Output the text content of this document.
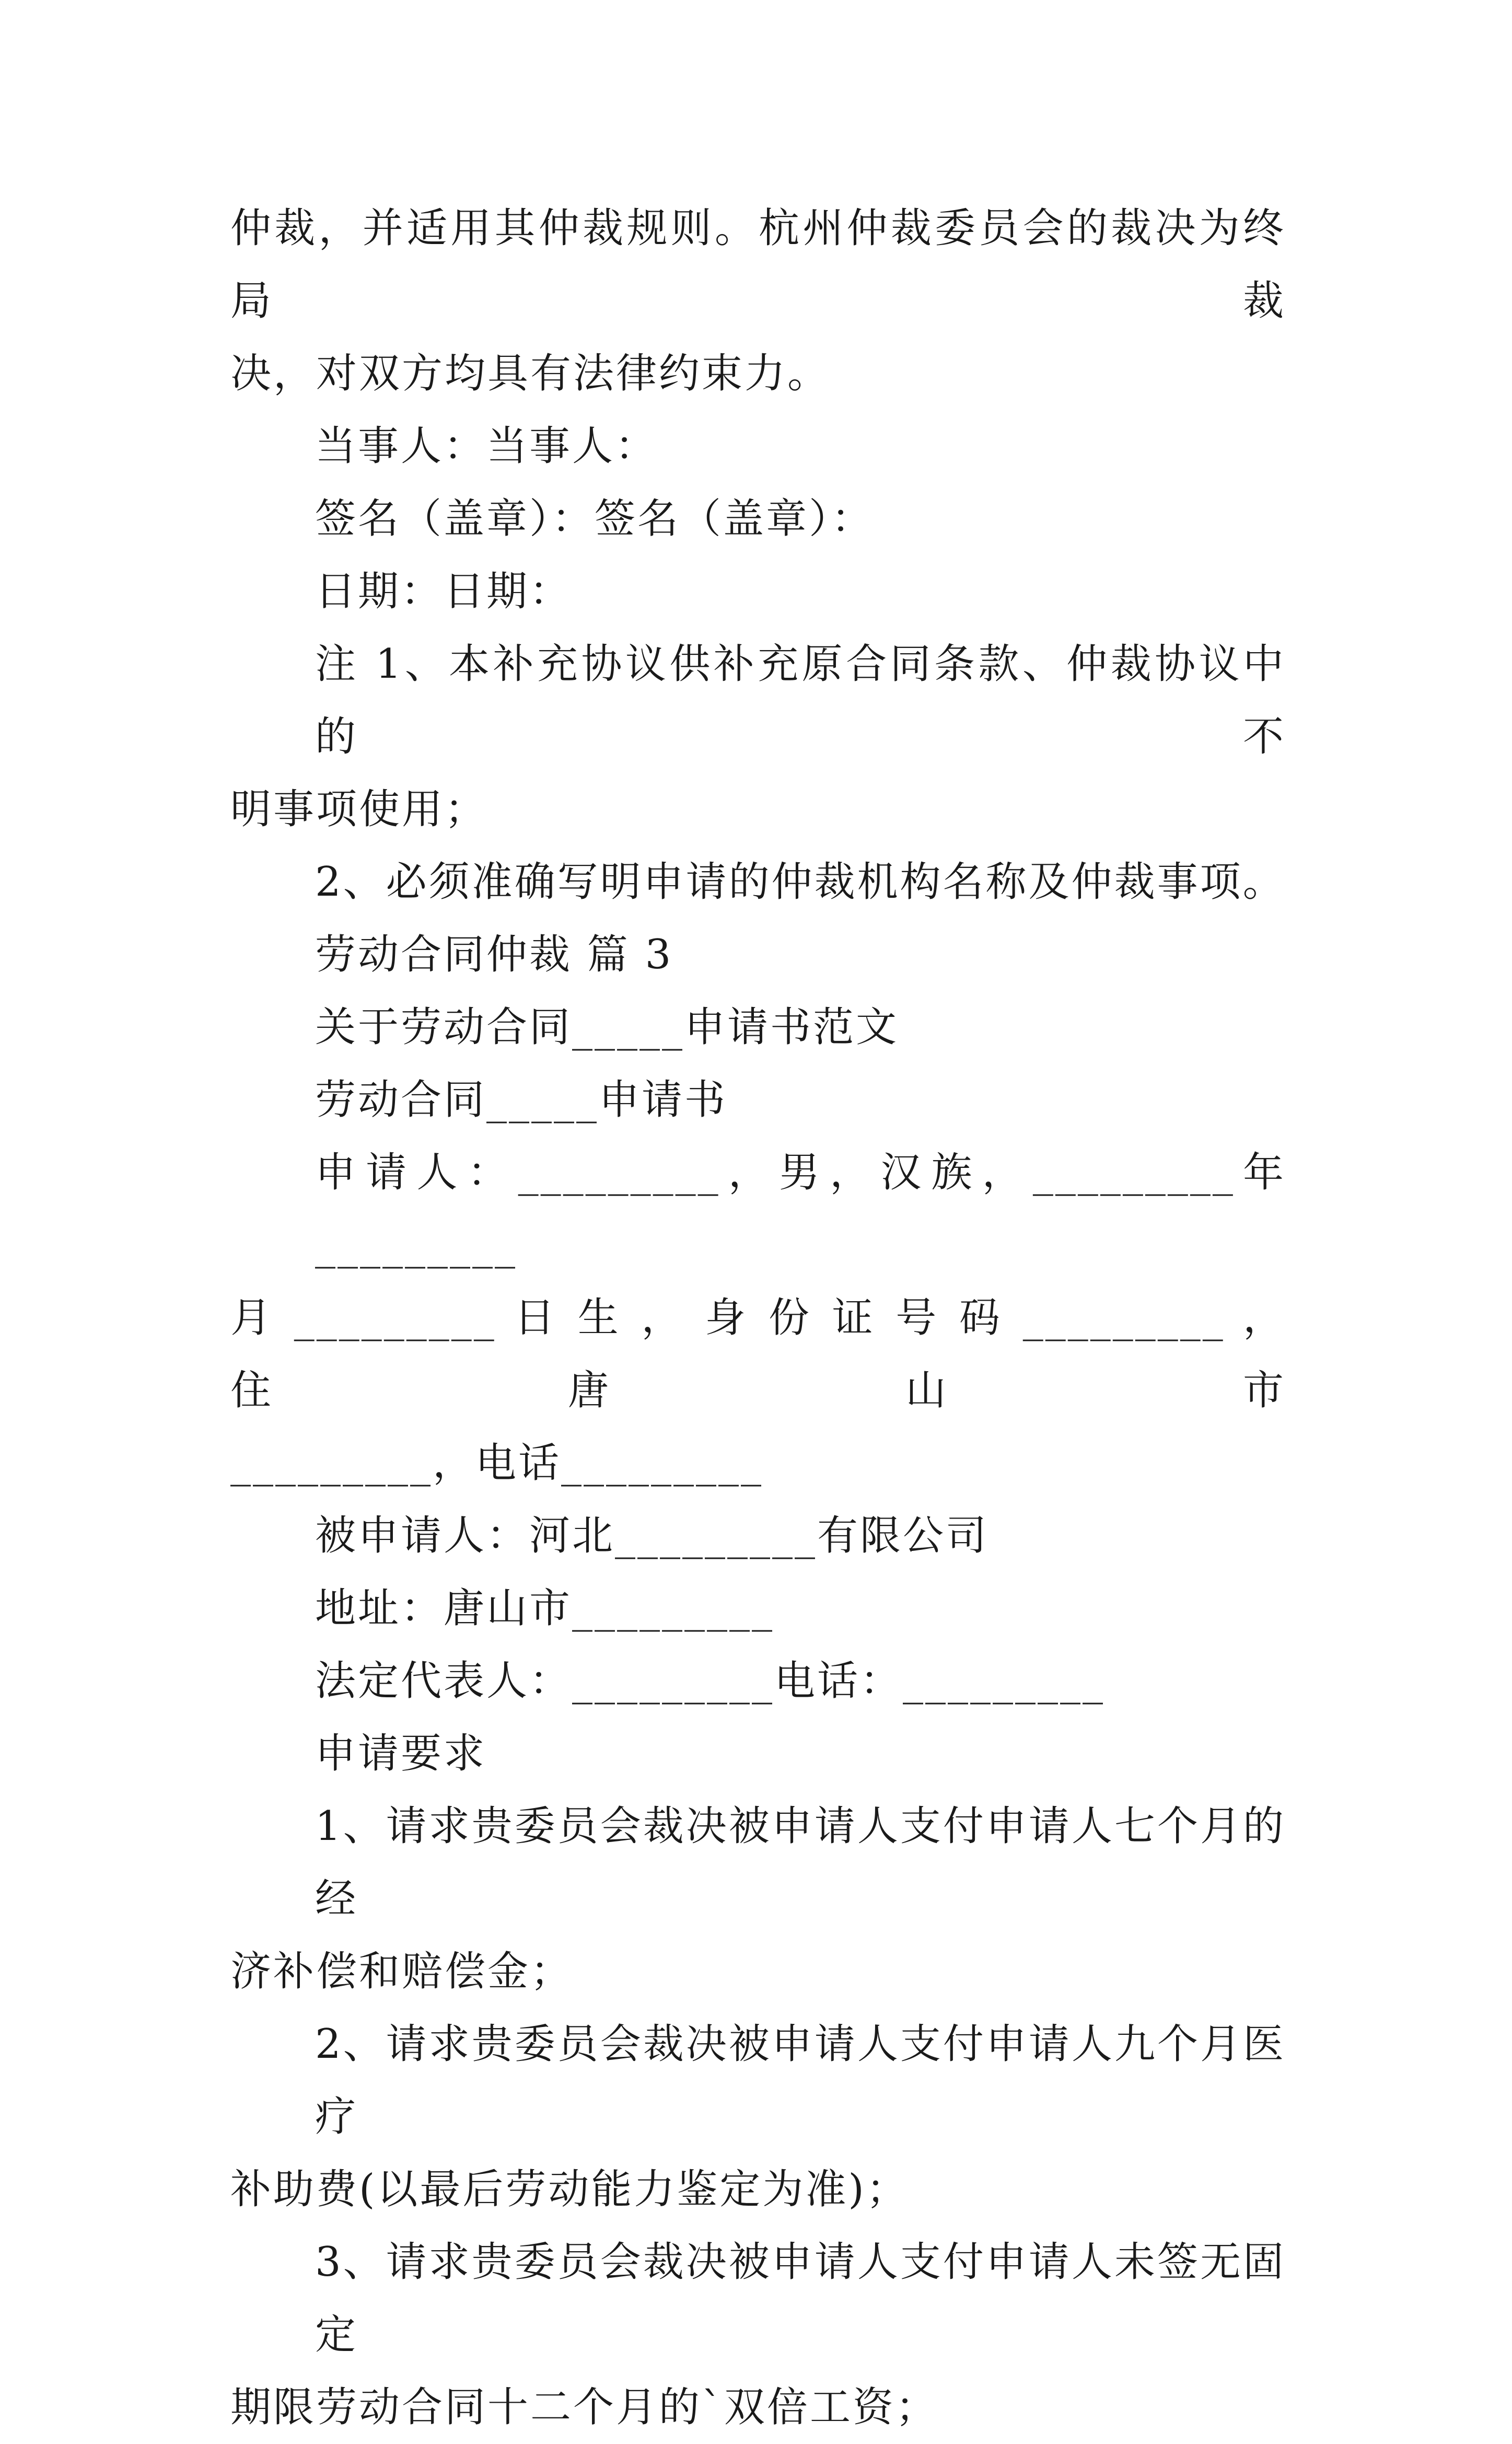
仲裁，并适用其仲裁规则。杭州仲裁委员会的裁决为终局裁

决，对双方均具有法律约束力。

当事人：当事人：

签名（盖章）：签名（盖章）：

日期：日期：

注 1、本补充协议供补充原合同条款、仲裁协议中的不

明事项使用；

2、必须准确写明申请的仲裁机构名称及仲裁事项。

劳动合同仲裁 篇 3

关于劳动合同_____申请书范文

劳动合同_____申请书

申请人：_________，男，汉族，_________年_________

月 _________ 日 生 ， 身 份 证 号 码 _________ ， 住 唐 山 市

_________，电话_________

被申请人：河北_________有限公司

地址：唐山市_________

法定代表人：_________电话：_________

申请要求

1、请求贵委员会裁决被申请人支付申请人七个月的经

济补偿和赔偿金；

2、请求贵委员会裁决被申请人支付申请人九个月医疗

补助费(以最后劳动能力鉴定为准)；

3、请求贵委员会裁决被申请人支付申请人未签无固定

期限劳动合同十二个月的`双倍工资；
